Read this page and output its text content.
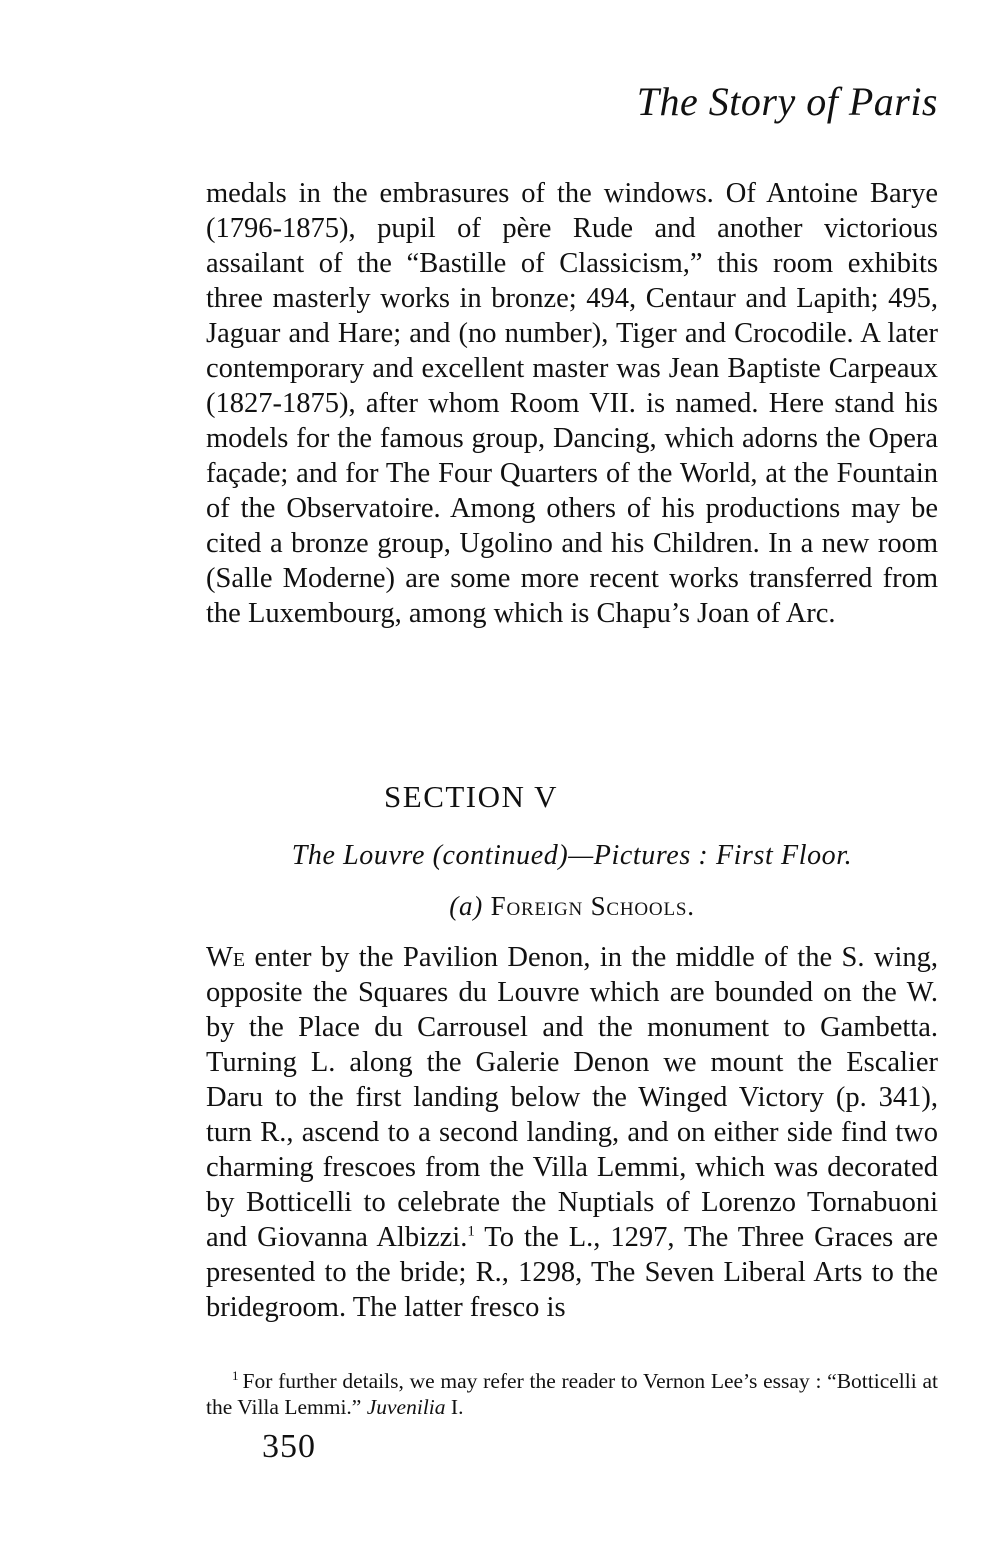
The Story of Paris

medals in the embrasures of the windows. Of Antoine Barye (1796-1875), pupil of père Rude and another victorious assailant of the “Bastille of Classicism,” this room exhibits three masterly works in bronze; 494, Centaur and Lapith; 495, Jaguar and Hare; and (no number), Tiger and Crocodile. A later contemporary and excellent master was Jean Baptiste Carpeaux (1827-1875), after whom Room VII. is named. Here stand his models for the famous group, Dancing, which adorns the Opera façade; and for The Four Quarters of the World, at the Fountain of the Observatoire. Among others of his productions may be cited a bronze group, Ugolino and his Children. In a new room (Salle Moderne) are some more recent works transferred from the Luxembourg, among which is Chapu’s Joan of Arc.

SECTION V
The Louvre (continued)—Pictures : First Floor.
(a) Foreign Schools.

We enter by the Pavilion Denon, in the middle of the S. wing, opposite the Squares du Louvre which are bounded on the W. by the Place du Carrousel and the monument to Gambetta. Turning L. along the Galerie Denon we mount the Escalier Daru to the first landing below the Winged Victory (p. 341), turn R., ascend to a second landing, and on either side find two charming frescoes from the Villa Lemmi, which was decorated by Botticelli to celebrate the Nuptials of Lorenzo Tornabuoni and Giovanna Albizzi.$^1$ To the L., 1297, The Three Graces are presented to the bride; R., 1298, The Seven Liberal Arts to the bridegroom. The latter fresco is

$^1$ For further details, we may refer the reader to Vernon Lee’s essay : “Botticelli at the Villa Lemmi.” Juvenilia I.
350
